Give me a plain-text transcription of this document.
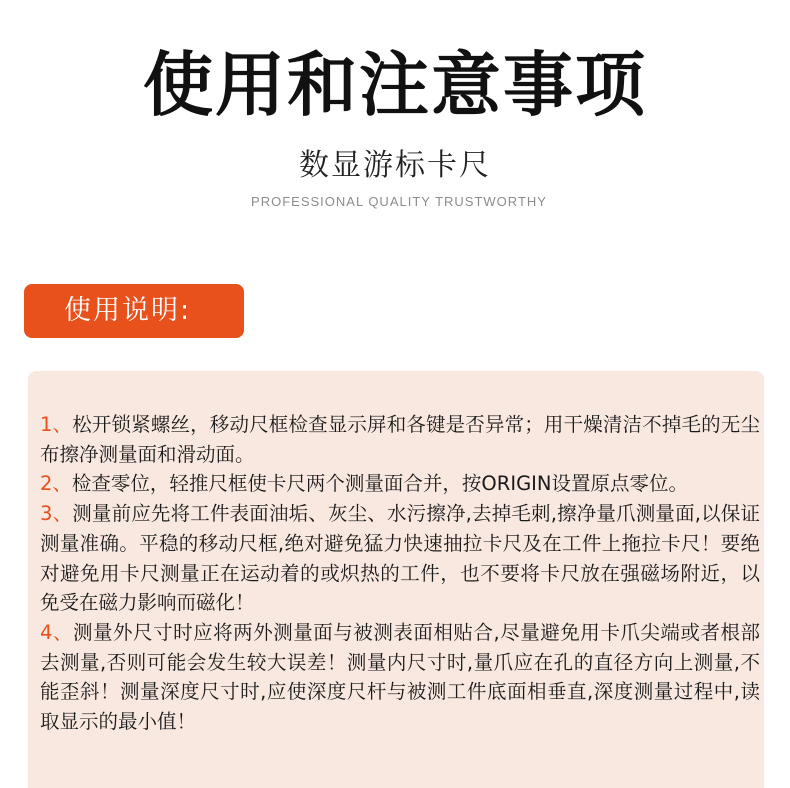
使用和注意事项
数显游标卡尺
PROFESSIONAL QUALITY TRUSTWORTHY
使用说明:
1、松开锁紧螺丝，移动尺框检查显示屏和各键是否异常；用干燥清洁不掉毛的无尘布擦净测量面和滑动面。
2、检查零位，轻推尺框使卡尺两个测量面合并，按ORIGIN设置原点零位。
3、测量前应先将工件表面油垢、灰尘、水污擦净,去掉毛刺,擦净量爪测量面,以保证测量准确。平稳的移动尺框,绝对避免猛力快速抽拉卡尺及在工件上拖拉卡尺！要绝对避免用卡尺测量正在运动着的或炽热的工件，也不要将卡尺放在强磁场附近，以免受在磁力影响而磁化！
4、测量外尺寸时应将两外测量面与被测表面相贴合,尽量避免用卡爪尖端或者根部去测量,否则可能会发生较大误差！测量内尺寸时,量爪应在孔的直径方向上测量,不能歪斜！测量深度尺寸时,应使深度尺杆与被测工件底面相垂直,深度测量过程中,读取显示的最小值！
